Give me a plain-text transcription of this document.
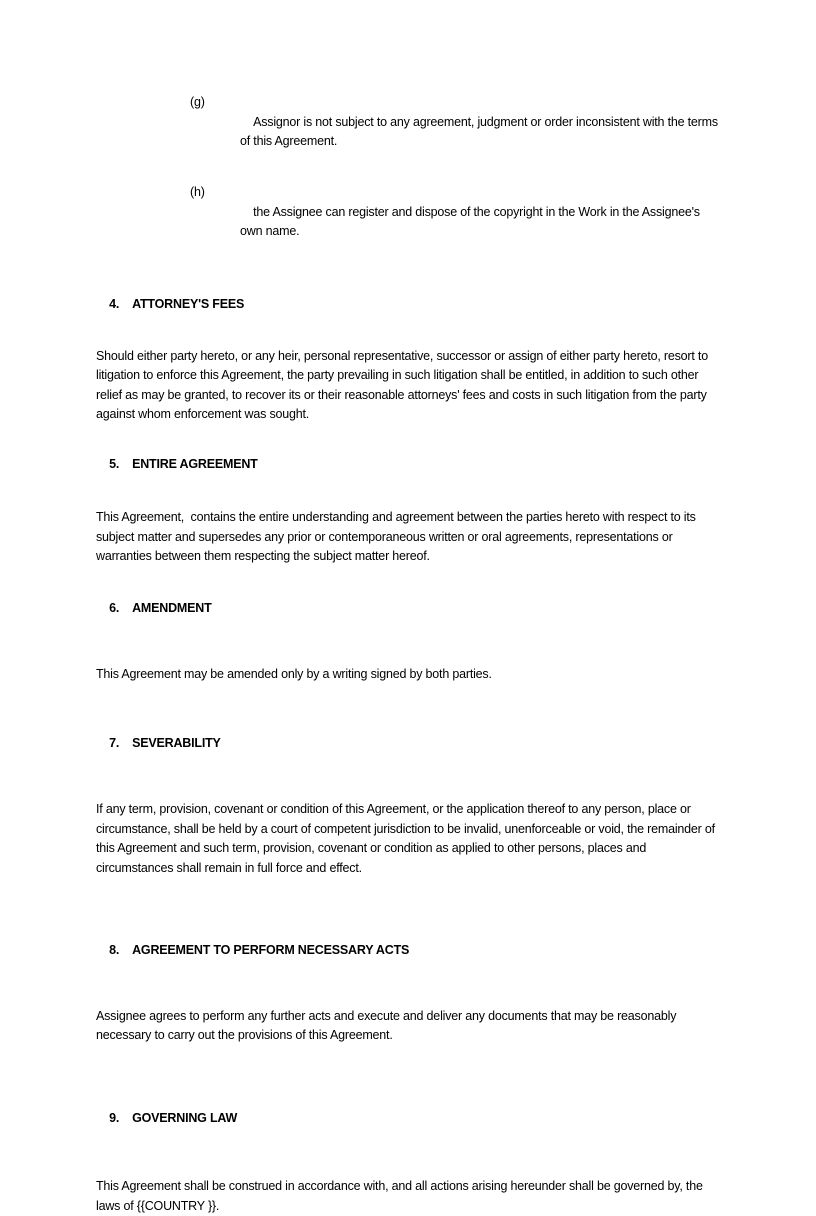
(g)
Assignor is not subject to any agreement, judgment or order inconsistent with the terms of this Agreement.

(h)
the Assignee can register and dispose of the copyright in the Work in the Assignee's own name.

4. ATTORNEY'S FEES

Should either party hereto, or any heir, personal representative, successor or assign of either party hereto, resort to litigation to enforce this Agreement, the party prevailing in such litigation shall be entitled, in addition to such other relief as may be granted, to recover its or their reasonable attorneys' fees and costs in such litigation from the party against whom enforcement was sought.

5. ENTIRE AGREEMENT

This Agreement,  contains the entire understanding and agreement between the parties hereto with respect to its subject matter and supersedes any prior or contemporaneous written or oral agreements, representations or warranties between them respecting the subject matter hereof.

6. AMENDMENT

This Agreement may be amended only by a writing signed by both parties.

7. SEVERABILITY

If any term, provision, covenant or condition of this Agreement, or the application thereof to any person, place or circumstance, shall be held by a court of competent jurisdiction to be invalid, unenforceable or void, the remainder of this Agreement and such term, provision, covenant or condition as applied to other persons, places and circumstances shall remain in full force and effect.

8. AGREEMENT TO PERFORM NECESSARY ACTS

Assignee agrees to perform any further acts and execute and deliver any documents that may be reasonably necessary to carry out the provisions of this Agreement.

9. GOVERNING LAW

This Agreement shall be construed in accordance with, and all actions arising hereunder shall be governed by, the laws of {{COUNTRY }}.
